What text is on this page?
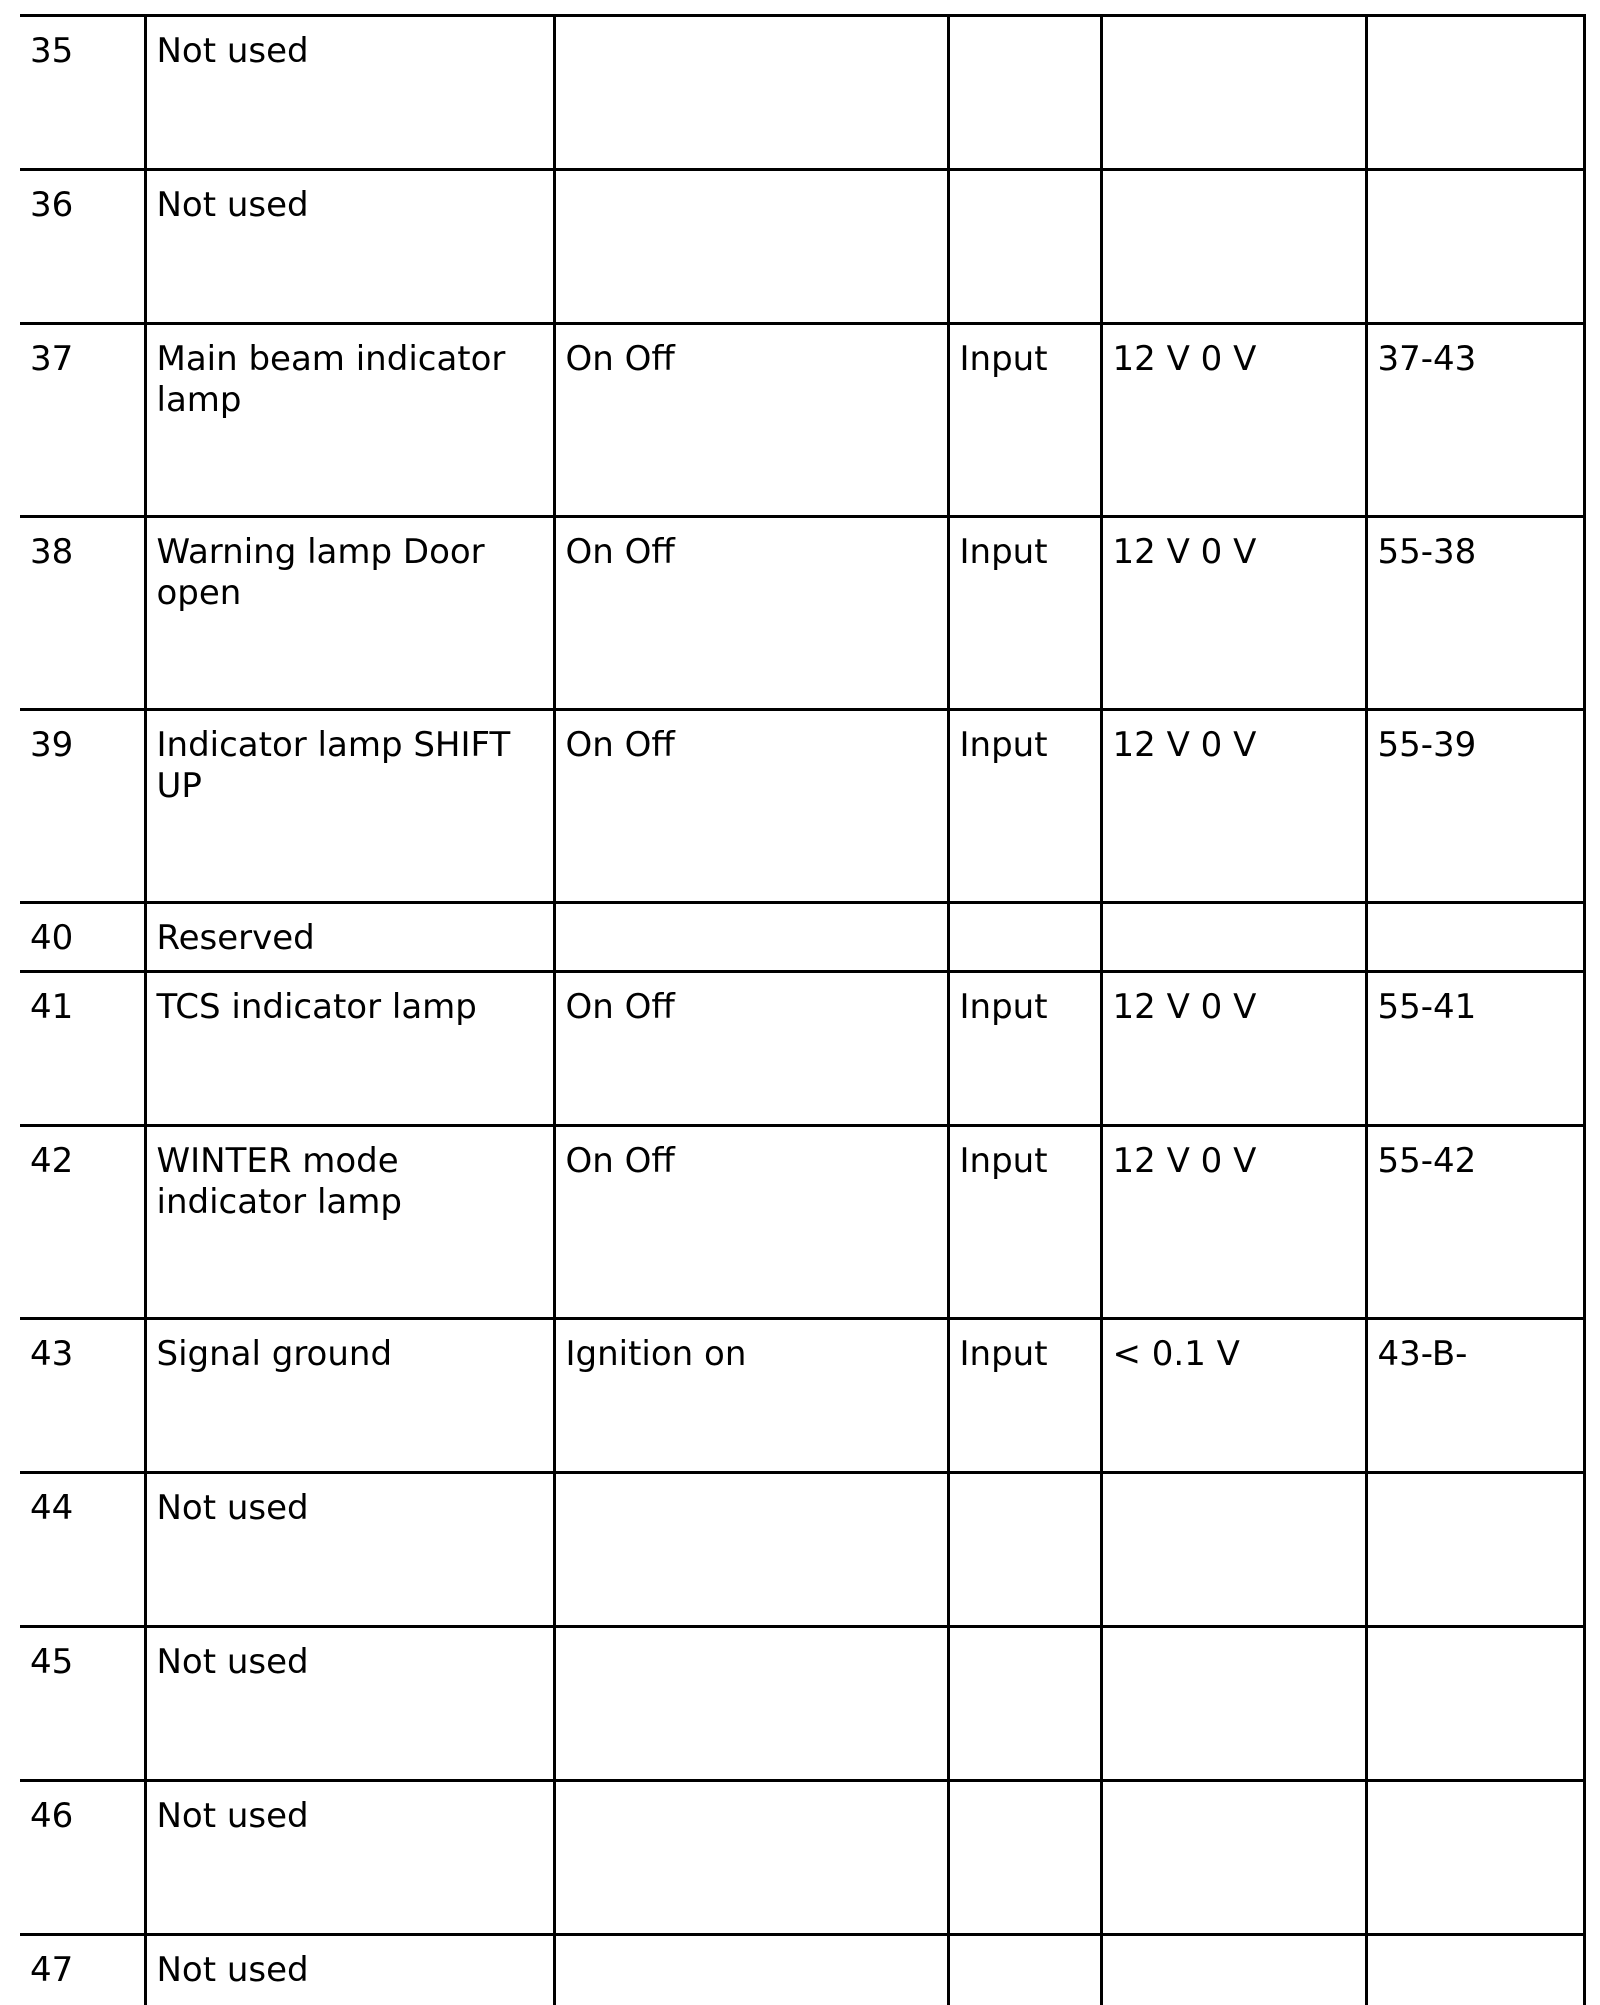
35	Not used				
36	Not used				
37	Main beam indicator lamp	On Off	Input	12 V 0 V	37-43
38	Warning lamp Door open	On Off	Input	12 V 0 V	55-38
39	Indicator lamp SHIFT UP	On Off	Input	12 V 0 V	55-39
40	Reserved				
41	TCS indicator lamp	On Off	Input	12 V 0 V	55-41
42	WINTER mode indicator lamp	On Off	Input	12 V 0 V	55-42
43	Signal ground	Ignition on	Input	< 0.1 V	43-B-
44	Not used				
45	Not used				
46	Not used				
47	Not used				
